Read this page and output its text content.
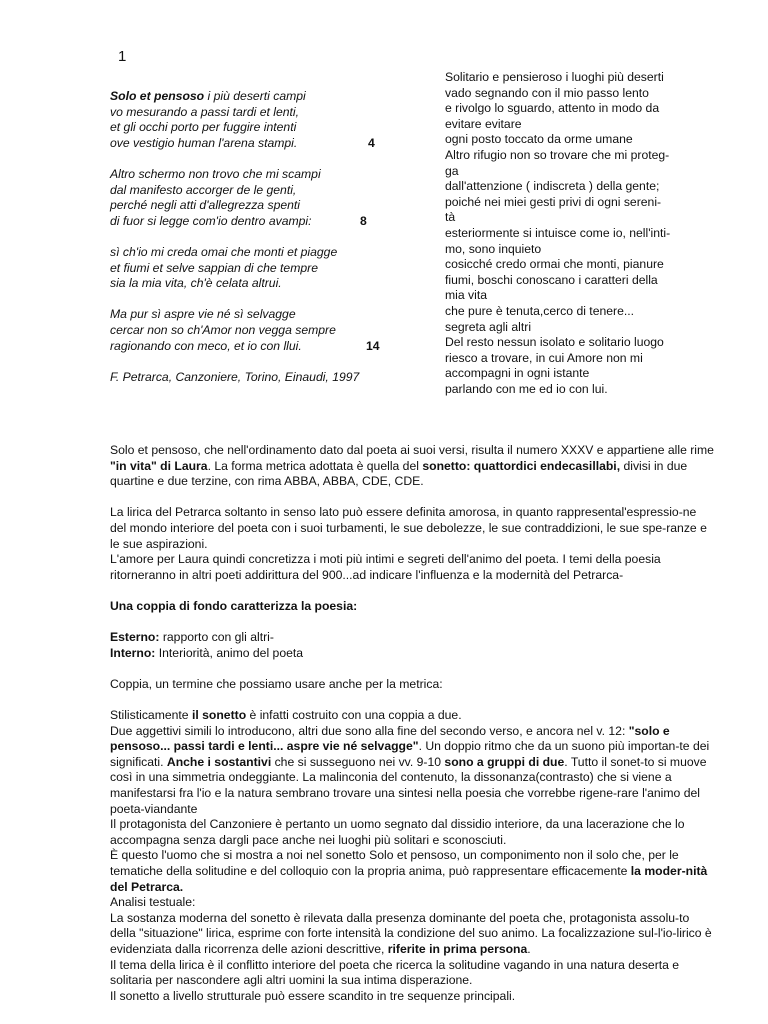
1
Solo et pensoso i più deserti campi
vo mesurando a passi tardi et lenti,
et gli occhi porto per fuggire intenti
ove vestigio human l'arena stampi.	4
Altro schermo non trovo che mi scampi
dal manifesto accorger de le genti,
perché negli atti d'allegrezza spenti
di fuor si legge com'io dentro avampi:	8
sì ch'io mi creda omai che monti et piagge
et fiumi et selve sappian di che tempre
sia la mia vita, ch'è celata altrui.
Ma pur sì aspre vie né sì selvagge
cercar non so ch'Amor non vegga sempre
ragionando con meco, et io con llui.	14
F. Petrarca, Canzoniere, Torino, Einaudi, 1997
Solitario e pensieroso i luoghi più deserti
vado segnando con il mio passo lento
e rivolgo lo sguardo, attento in modo da
evitare evitare
ogni posto toccato da orme umane
Altro rifugio non so trovare che mi proteg-
ga
dall'attenzione ( indiscreta ) della gente;
poiché nei miei gesti privi di ogni sereni-
tà
esteriormente si intuisce come io, nell'inti-
mo, sono inquieto
cosicché credo ormai che monti, pianure
fiumi, boschi conoscano i caratteri della
mia vita
che pure è tenuta,cerco di tenere...
segreta agli altri
Del resto nessun isolato e solitario luogo
riesco a trovare, in cui Amore non mi
accompagni in ogni istante
parlando con me ed io con lui.

Solo et pensoso, che nell'ordinamento dato dal poeta ai suoi versi, risulta il numero XXXV e appartiene alle rime "in vita" di Laura. La forma metrica adottata è quella del sonetto: quattordici endecasillabi, divisi in due quartine e due terzine, con rima ABBA, ABBA, CDE, CDE.

La lirica del Petrarca soltanto in senso lato può essere definita amorosa, in quanto rappresental'espressio-ne del mondo interiore del poeta con i suoi turbamenti, le sue debolezze, le sue contraddizioni, le sue spe-ranze e le sue aspirazioni.

L'amore per Laura quindi concretizza i moti più intimi e segreti dell'animo del poeta. I temi della poesia ritorneranno in altri poeti addirittura del 900...ad indicare l'influenza e la modernità del Petrarca-

Una coppia di fondo caratterizza la poesia:

Esterno: rapporto con gli altri-

Interno: Interiorità, animo del poeta

Coppia, un termine che possiamo usare anche per la metrica:

Stilisticamente il sonetto è infatti costruito con una coppia a due.
Due aggettivi simili lo introducono, altri due sono alla fine del secondo verso, e ancora nel v. 12: "solo e pensoso... passi tardi e lenti... aspre vie né selvagge". Un doppio ritmo che da un suono più importan-te dei significati. Anche i sostantivi che si susseguono nei vv. 9-10 sono a gruppi di due. Tutto il sonet-to si muove così in una simmetria ondeggiante. La malinconia del contenuto, la dissonanza(contrasto) che si viene a manifestarsi fra l'io e la natura sembrano trovare una sintesi nella poesia che vorrebbe rigene-rare l'animo del poeta-viandante
Il protagonista del Canzoniere è pertanto un uomo segnato dal dissidio interiore, da una lacerazione che lo accompagna senza dargli pace anche nei luoghi più solitari e sconosciuti.
È questo l'uomo che si mostra a noi nel sonetto Solo et pensoso, un componimento non il solo che, per le tematiche della solitudine e del colloquio con la propria anima, può rappresentare efficacemente la moder-nità del Petrarca.
Analisi testuale:
La sostanza moderna del sonetto è rilevata dalla presenza dominante del poeta che, protagonista assolu-to della "situazione" lirica, esprime con forte intensità la condizione del suo animo. La focalizzazione sul-l'io-lirico è evidenziata dalla ricorrenza delle azioni descrittive, riferite in prima persona.
Il tema della lirica è il conflitto interiore del poeta che ricerca la solitudine vagando in una natura deserta e solitaria per nascondere agli altri uomini la sua intima disperazione.
Il sonetto a livello strutturale può essere scandito in tre sequenze principali.
